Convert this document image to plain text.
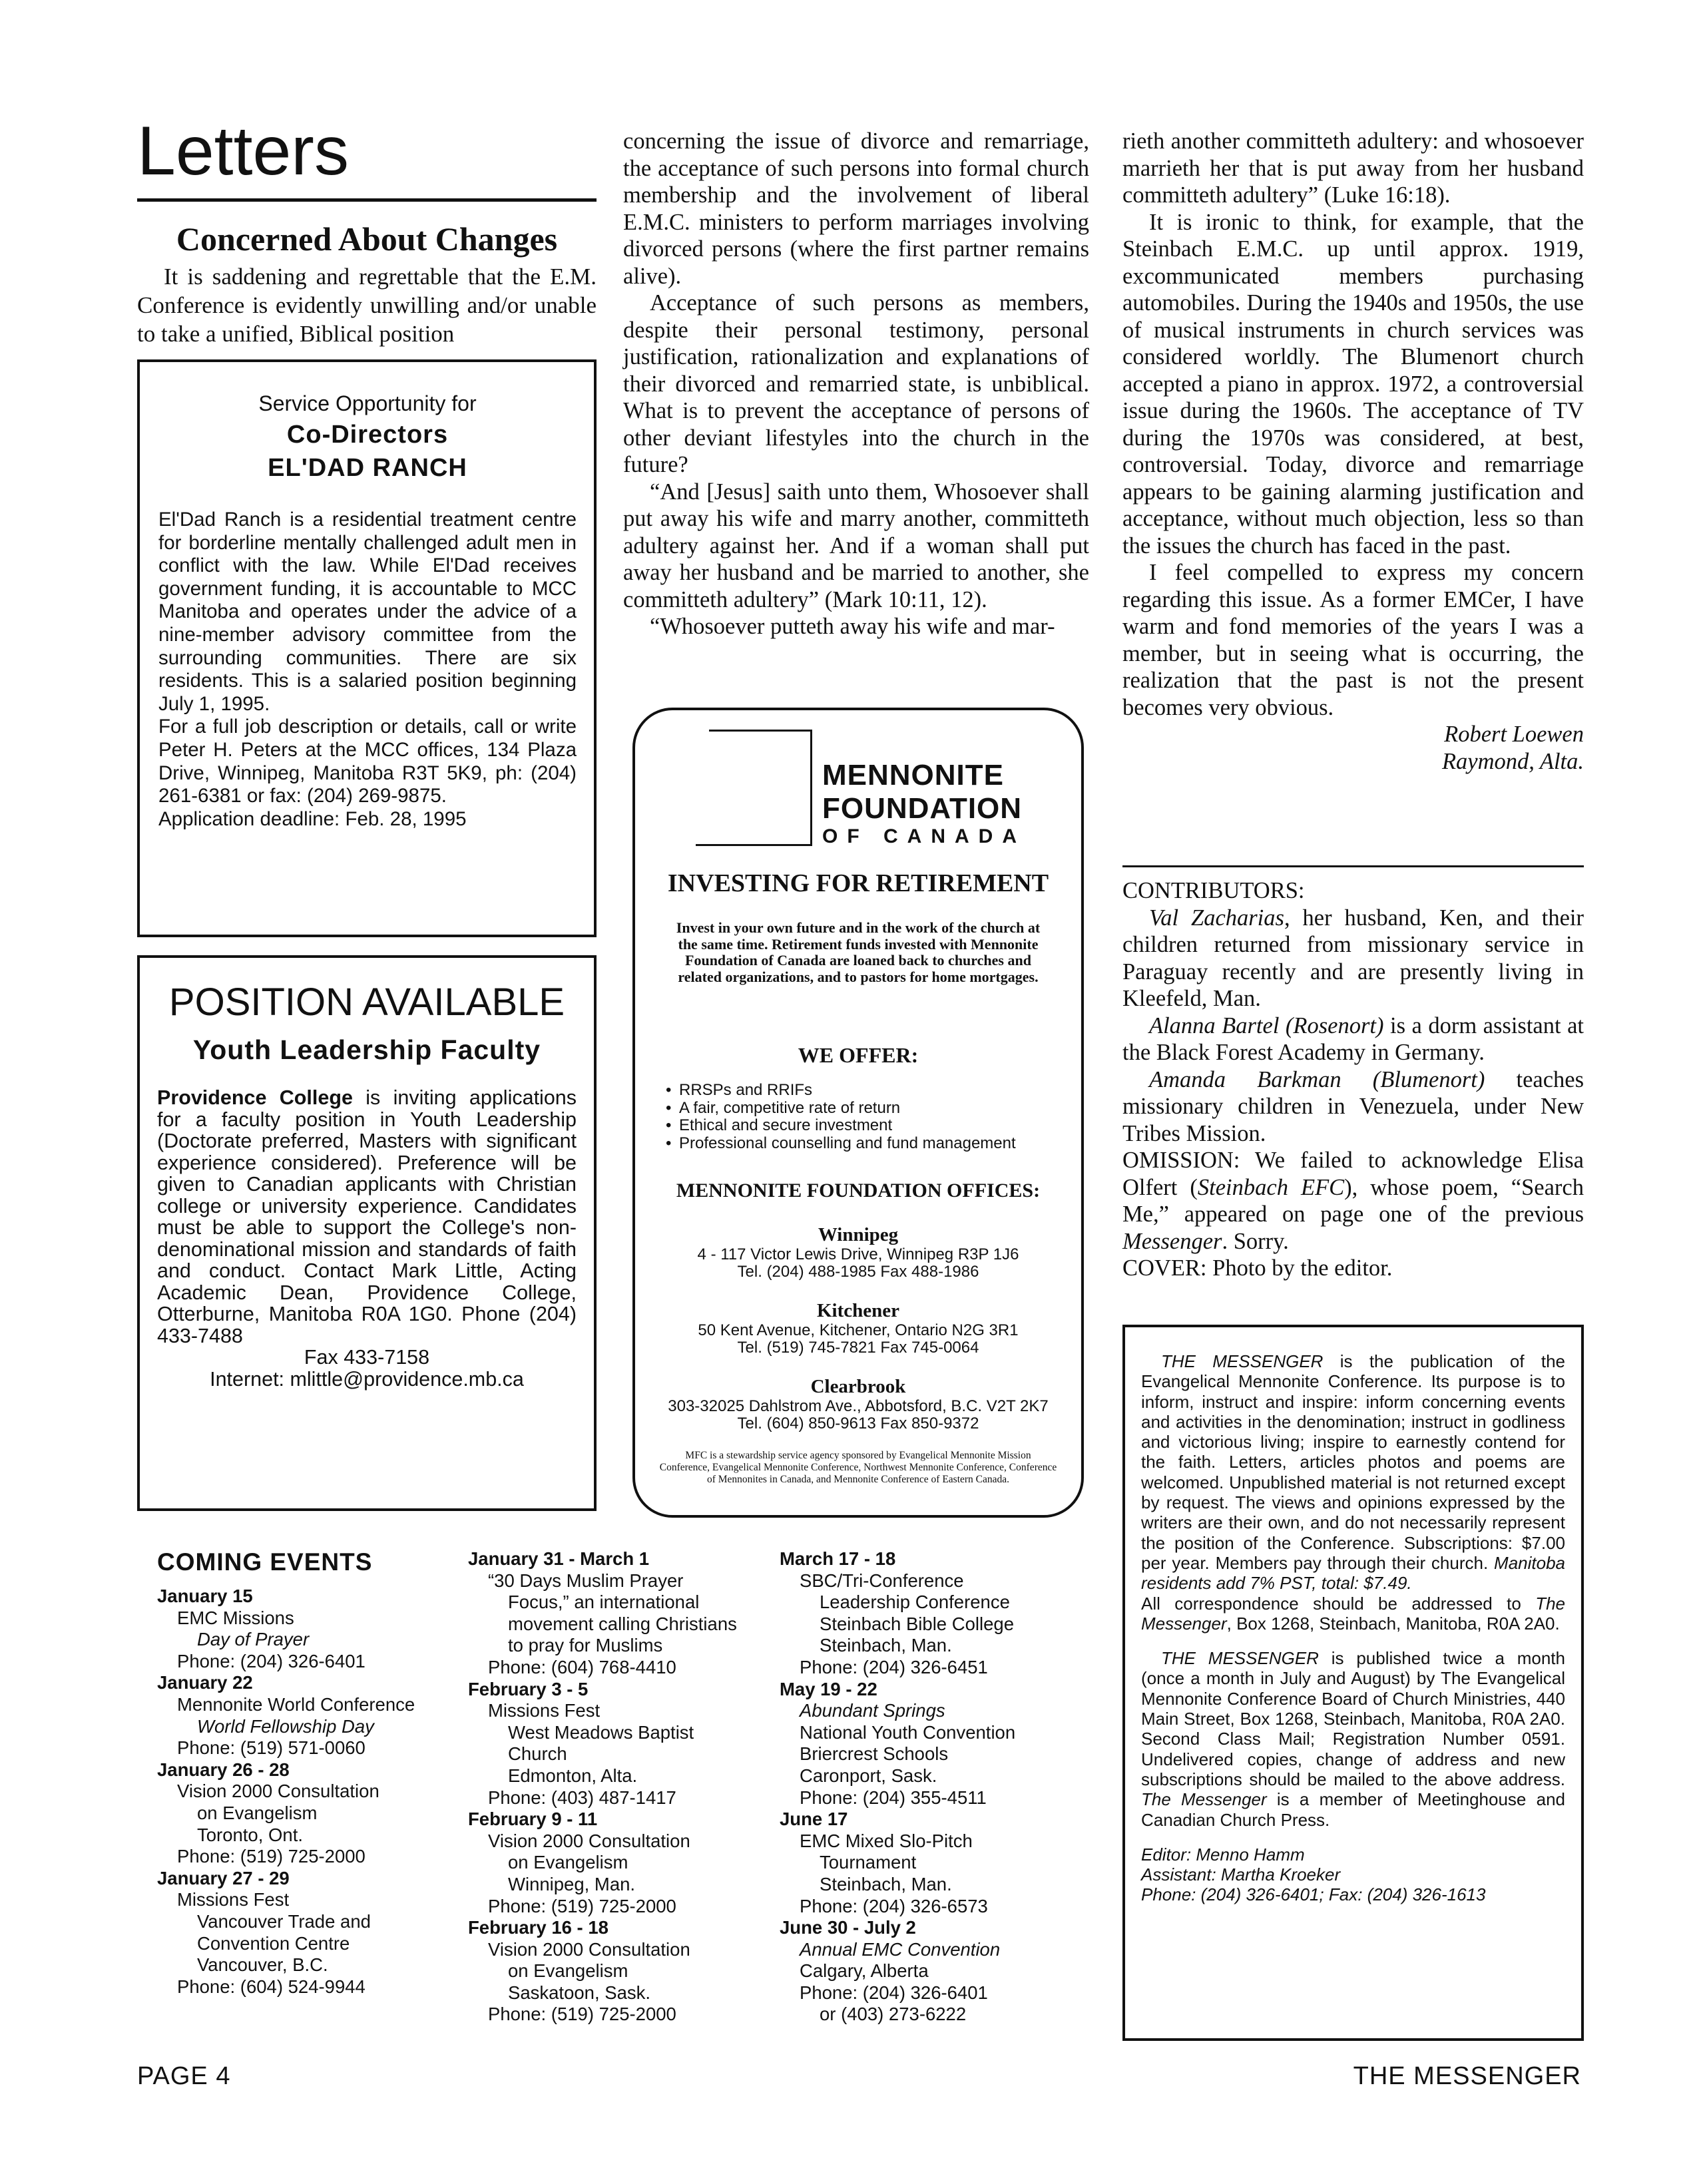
Letters
Concerned About Changes

It is saddening and regrettable that the E.M. Conference is evidently unwilling and/or unable to take a unified, Biblical position

Service Opportunity for
Co-Directors
EL'DAD RANCH

El'Dad Ranch is a residential treatment centre for borderline mentally challenged adult men in conflict with the law. While El'Dad receives government funding, it is accountable to MCC Manitoba and operates under the advice of a nine-member advisory committee from the surrounding communities. There are six residents. This is a salaried position beginning July 1, 1995.

For a full job description or details, call or write Peter H. Peters at the MCC offices, 134 Plaza Drive, Winnipeg, Manitoba R3T 5K9, ph: (204) 261-6381 or fax: (204) 269-9875.

Application deadline: Feb. 28, 1995

POSITION AVAILABLE
Youth Leadership Faculty

Providence College is inviting applications for a faculty position in Youth Leadership (Doctorate preferred, Masters with significant experience considered). Preference will be given to Canadian applicants with Christian college or university experience. Candidates must be able to support the College's non-denominational mission and standards of faith and conduct. Contact Mark Little, Acting Academic Dean, Providence College, Otterburne, Manitoba R0A 1G0. Phone (204) 433-7488

Fax 433-7158

Internet: mlittle@providence.mb.ca

concerning the issue of divorce and remarriage, the acceptance of such persons into formal church membership and the involvement of liberal E.M.C. ministers to perform marriages involving divorced persons (where the first partner remains alive).

Acceptance of such persons as members, despite their personal testimony, personal justification, rationalization and explanations of their divorced and remarried state, is unbiblical. What is to prevent the acceptance of persons of other deviant lifestyles into the church in the future?

“And [Jesus] saith unto them, Whosoever shall put away his wife and marry another, committeth adultery against her. And if a woman shall put away her husband and be married to another, she committeth adultery” (Mark 10:11, 12).

“Whosoever putteth away his wife and mar-

MENNONITE
FOUNDATION
OF CANADA
INVESTING FOR RETIREMENT
Invest in your own future and in the work of the church at the same time. Retirement funds invested with Mennonite Foundation of Canada are loaned back to churches and related organizations, and to pastors for home mortgages.
WE OFFER:
• RRSPs and RRIFs
• A fair, competitive rate of return
• Ethical and secure investment
• Professional counselling and fund management
MENNONITE FOUNDATION OFFICES:
Winnipeg
4 - 117 Victor Lewis Drive, Winnipeg R3P 1J6
Tel. (204) 488-1985 Fax 488-1986
Kitchener
50 Kent Avenue, Kitchener, Ontario N2G 3R1
Tel. (519) 745-7821 Fax 745-0064
Clearbrook
303-32025 Dahlstrom Ave., Abbotsford, B.C. V2T 2K7
Tel. (604) 850-9613 Fax 850-9372
MFC is a stewardship service agency sponsored by Evangelical Mennonite Mission Conference, Evangelical Mennonite Conference, Northwest Mennonite Conference, Conference of Mennonites in Canada, and Mennonite Conference of Eastern Canada.

rieth another committeth adultery: and whosoever marrieth her that is put away from her husband committeth adultery” (Luke 16:18).

It is ironic to think, for example, that the Steinbach E.M.C. up until approx. 1919, excommunicated members purchasing automobiles. During the 1940s and 1950s, the use of musical instruments in church services was considered worldly. The Blumenort church accepted a piano in approx. 1972, a controversial issue during the 1960s. The acceptance of TV during the 1970s was considered, at best, controversial. Today, divorce and remarriage appears to be gaining alarming justification and acceptance, without much objection, less so than the issues the church has faced in the past.

I feel compelled to express my concern regarding this issue. As a former EMCer, I have warm and fond memories of the years I was a member, but in seeing what is occurring, the realization that the past is not the present becomes very obvious.

Robert Loewen

Raymond, Alta.

CONTRIBUTORS:

Val Zacharias, her husband, Ken, and their children returned from missionary service in Paraguay recently and are presently living in Kleefeld, Man.

Alanna Bartel (Rosenort) is a dorm assistant at the Black Forest Academy in Germany.

Amanda Barkman (Blumenort) teaches missionary children in Venezuela, under New Tribes Mission.

OMISSION: We failed to acknowledge Elisa Olfert (Steinbach EFC), whose poem, “Search Me,” appeared on page one of the previous Messenger. Sorry.

COVER: Photo by the editor.

THE MESSENGER is the publication of the Evangelical Mennonite Conference. Its purpose is to inform, instruct and inspire: inform concerning events and activities in the denomination; instruct in godliness and victorious living; inspire to earnestly contend for the faith. Letters, articles photos and poems are welcomed. Unpublished material is not returned except by request. The views and opinions expressed by the writers are their own, and do not necessarily represent the position of the Conference. Subscriptions: $7.00 per year. Members pay through their church. Manitoba residents add 7% PST, total: $7.49.

All correspondence should be addressed to The Messenger, Box 1268, Steinbach, Manitoba, R0A 2A0.

THE MESSENGER is published twice a month (once a month in July and August) by The Evangelical Mennonite Conference Board of Church Ministries, 440 Main Street, Box 1268, Steinbach, Manitoba, R0A 2A0. Second Class Mail; Registration Number 0591. Undelivered copies, change of address and new subscriptions should be mailed to the above address. The Messenger is a member of Meetinghouse and Canadian Church Press.

Editor: Menno Hamm

Assistant: Martha Kroeker

Phone: (204) 326-6401; Fax: (204) 326-1613

COMING EVENTS
January 15
EMC Missions
Day of Prayer
Phone: (204) 326-6401
January 22
Mennonite World Conference
World Fellowship Day
Phone: (519) 571-0060
January 26 - 28
Vision 2000 Consultation
on Evangelism
Toronto, Ont.
Phone: (519) 725-2000
January 27 - 29
Missions Fest
Vancouver Trade and
Convention Centre
Vancouver, B.C.
Phone: (604) 524-9944
January 31 - March 1
“30 Days Muslim Prayer
Focus,” an international
movement calling Christians
to pray for Muslims
Phone: (604) 768-4410
February 3 - 5
Missions Fest
West Meadows Baptist
Church
Edmonton, Alta.
Phone: (403) 487-1417
February 9 - 11
Vision 2000 Consultation
on Evangelism
Winnipeg, Man.
Phone: (519) 725-2000
February 16 - 18
Vision 2000 Consultation
on Evangelism
Saskatoon, Sask.
Phone: (519) 725-2000
March 17 - 18
SBC/Tri-Conference
Leadership Conference
Steinbach Bible College
Steinbach, Man.
Phone: (204) 326-6451
May 19 - 22
Abundant Springs
National Youth Convention
Briercrest Schools
Caronport, Sask.
Phone: (204) 355-4511
June 17
EMC Mixed Slo-Pitch
Tournament
Steinbach, Man.
Phone: (204) 326-6573
June 30 - July 2
Annual EMC Convention
Calgary, Alberta
Phone: (204) 326-6401
or (403) 273-6222
PAGE 4	THE MESSENGER
